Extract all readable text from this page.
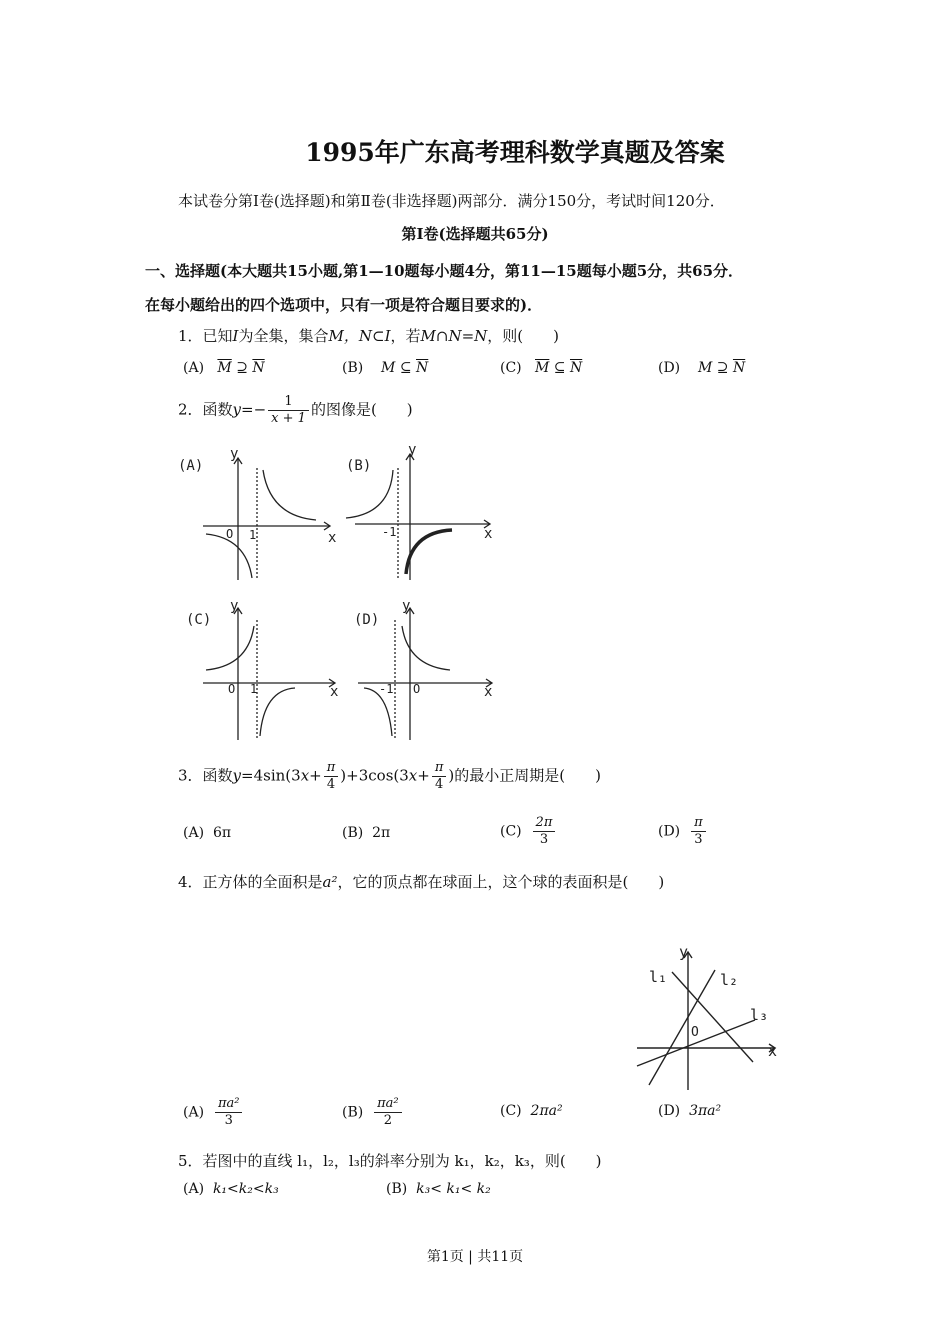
1995年广东高考理科数学真题及答案
本试卷分第Ⅰ卷(选择题)和第Ⅱ卷(非选择题)两部分．满分150分，考试时间120分．
第Ⅰ卷(选择题共65分)
一、选择题(本大题共15小题,第1—10题每小题4分，第11—15题每小题5分，共65分．
在每小题给出的四个选项中，只有一项是符合题目要求的)．
1．已知I为全集，集合M，N⊂I，若M∩N=N，则(　　)
(A) $\overline{M}$ ⊇ $\overline{N}$	(B) M ⊆ $\overline{N}$	(C) $\overline{M}$ ⊆ $\overline{N}$	(D) M ⊇ $\overline{N}$
2．函数$y=- \frac{1}{x + 1}$ 的图像是(　　)
(A)
y
x
O 1
(B)
y
x
-1
(C)
y
x
O 1
(D)
y
x
-1 O
3．函数$y=4\sin(3x+ \frac{\pi}{4} )+3\cos(3x+ \frac{\pi}{4}$ )的最小正周期是(　　)
(A) 6π	(B) 2π	$(C) \frac{2\pi}{3}$	$(D) \frac{\pi}{3}$
4．正方体的全面积是a²，它的顶点都在球面上，这个球的表面积是(　　)
y
x
O
l₁	l₂
l₃
$(A) \frac{\text{πa²}}{3}$	$(B) \frac{\text{πa²}}{2}$	(C) 2πa²	(D) 3πa²
5．若图中的直线 l₁，l₂，l₃的斜率分别为 k₁，k₂，k₃，则(　　)
(A) k₁<k₂<k₃	(B) k₃< k₁< k₂
第1页 | 共11页
